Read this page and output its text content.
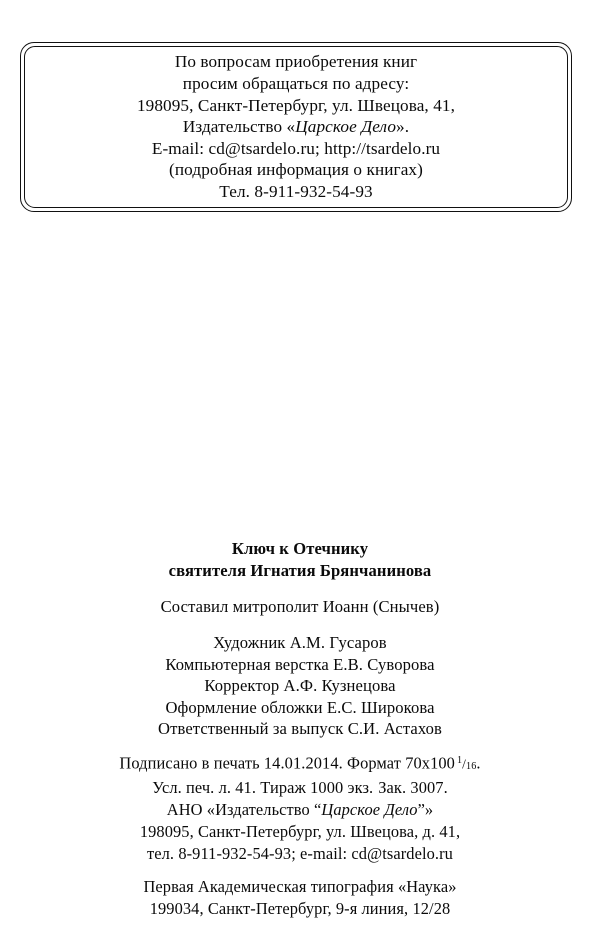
По вопросам приобретения книг
просим обращаться по адресу:
198095, Санкт-Петербург, ул. Швецова, 41,
Издательство «Царское Дело».
E-mail: cd@tsardelo.ru; http://tsardelo.ru
(подробная информация о книгах)
Тел. 8-911-932-54-93
Ключ к Отечнику
святителя Игнатия Брянчанинова
Составил митрополит Иоанн (Снычев)
Художник А.М. Гусаров
Компьютерная верстка Е.В. Суворова
Корректор А.Ф. Кузнецова
Оформление обложки Е.С. Широкова
Ответственный за выпуск С.И. Астахов
Подписано в печать 14.01.2014. Формат 70х100 $^1$/16.
Усл. печ. л. 41. Тираж 1000 экз. Зак. 3007.
АНО «Издательство “Царское Дело”»
198095, Санкт-Петербург, ул. Швецова, д. 41,
тел. 8-911-932-54-93; e-mail: cd@tsardelo.ru
Первая Академическая типография «Наука»
199034, Санкт-Петербург, 9-я линия, 12/28
